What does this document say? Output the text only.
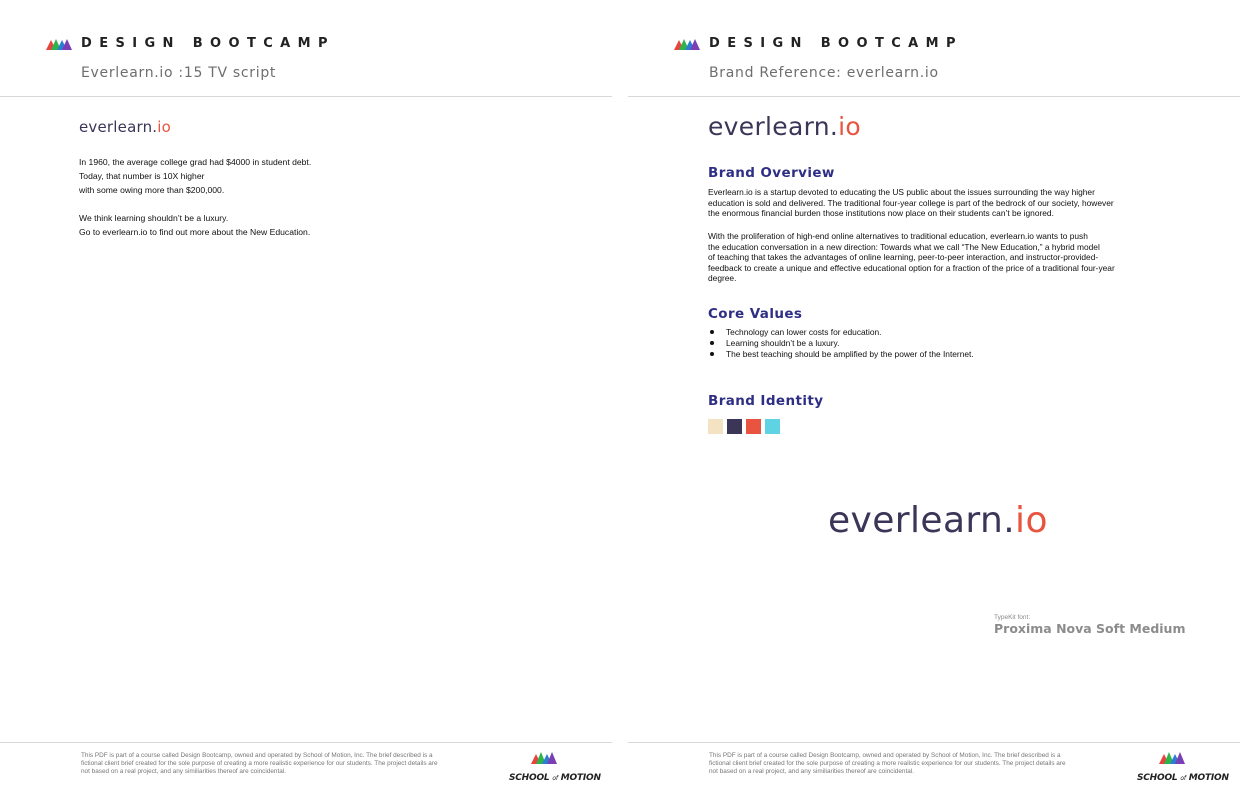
DESIGN BOOTCAMP
Everlearn.io :15 TV script
everlearn.io

In 1960, the average college grad had $4000 in student debt.

Today, that number is 10X higher

with some owing more than $200,000.

We think learning shouldn’t be a luxury.

Go to everlearn.io to find out more about the New Education.

This PDF is part of a course called Design Bootcamp, owned and operated by School of Motion, Inc. The brief described is a

fictional client brief created for the sole purpose of creating a more realistic experience for our students. The project details are

not based on a real project, and any similiarities thereof are coincidental.

SCHOOL of MOTION
DESIGN BOOTCAMP
Brand Reference: everlearn.io
everlearn.io
Brand Overview

Everlearn.io is a startup devoted to educating the US public about the issues surrounding the way higher

education is sold and delivered. The traditional four-year college is part of the bedrock of our society, however

the enormous financial burden those institutions now place on their students can’t be ignored.

With the proliferation of high-end online alternatives to traditional education, everlearn.io wants to push

the education conversation in a new direction: Towards what we call “The New Education,” a hybrid model

of teaching that takes the advantages of online learning, peer-to-peer interaction, and instructor-provided-

feedback to create a unique and effective educational option for a fraction of the price of a traditional four-year

degree.

Core Values
Technology can lower costs for education.
Learning shouldn’t be a luxury.
The best teaching should be amplified by the power of the Internet.
Brand Identity
everlearn.io
TypeKit font:
Proxima Nova Soft Medium

This PDF is part of a course called Design Bootcamp, owned and operated by School of Motion, Inc. The brief described is a

fictional client brief created for the sole purpose of creating a more realistic experience for our students. The project details are

not based on a real project, and any similiarities thereof are coincidental.

SCHOOL of MOTION
